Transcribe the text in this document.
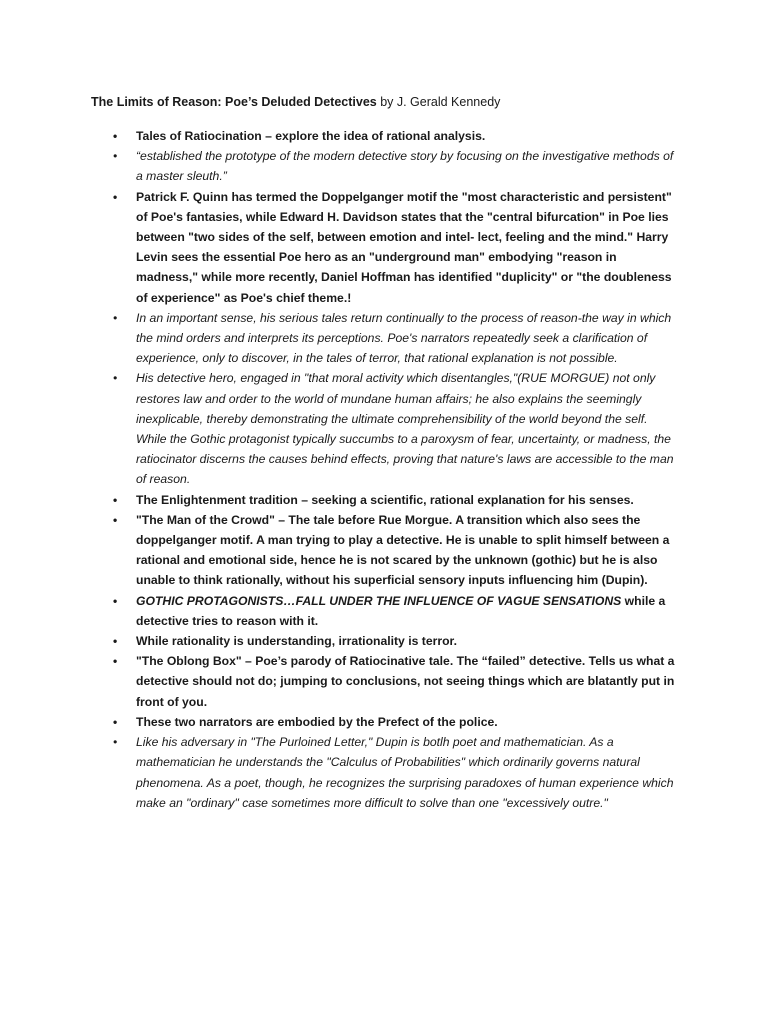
The Limits of Reason: Poe’s Deluded Detectives by J. Gerald Kennedy
• Tales of Ratiocination – explore the idea of rational analysis.
• “established the prototype of the modern detective story by focusing on the investigative methods of a master sleuth.”
• Patrick F. Quinn has termed the Doppelganger motif the "most characteristic and persistent" of Poe's fantasies, while Edward H. Davidson states that the "central bifurcation" in Poe lies between "two sides of the self, between emotion and intel- lect, feeling and the mind." Harry Levin sees the essential Poe hero as an "underground man" embodying "reason in madness," while more recently, Daniel Hoffman has identified "duplicity" or "the doubleness of experience" as Poe's chief theme.!
• In an important sense, his serious tales return continually to the process of reason-the way in which the mind orders and interprets its perceptions. Poe's narrators repeatedly seek a clarification of experience, only to discover, in the tales of terror, that rational explanation is not possible.
• His detective hero, engaged in "that moral activity which disentangles,"(RUE MORGUE) not only restores law and order to the world of mundane human affairs; he also explains the seemingly inexplicable, thereby demonstrating the ultimate comprehensibility of the world beyond the self. While the Gothic protagonist typically succumbs to a paroxysm of fear, uncertainty, or madness, the ratiocinator discerns the causes behind effects, proving that nature's laws are accessible to the man of reason.
• The Enlightenment tradition – seeking a scientific, rational explanation for his senses.
• "The Man of the Crowd" – The tale before Rue Morgue. A transition which also sees the doppelganger motif. A man trying to play a detective. He is unable to split himself between a rational and emotional side, hence he is not scared by the unknown (gothic) but he is also unable to think rationally, without his superficial sensory inputs influencing him (Dupin).
• GOTHIC PROTAGONISTS…FALL UNDER THE INFLUENCE OF VAGUE SENSATIONS while a detective tries to reason with it.
• While rationality is understanding, irrationality is terror.
• "The Oblong Box" – Poe’s parody of Ratiocinative tale. The “failed” detective. Tells us what a detective should not do; jumping to conclusions, not seeing things which are blatantly put in front of you.
• These two narrators are embodied by the Prefect of the police.
• Like his adversary in "The Purloined Letter," Dupin is botlh poet and mathematician. As a mathematician he understands the "Calculus of Probabilities" which ordinarily governs natural phenomena. As a poet, though, he recognizes the surprising paradoxes of human experience which make an "ordinary" case sometimes more difficult to solve than one "excessively outre."
